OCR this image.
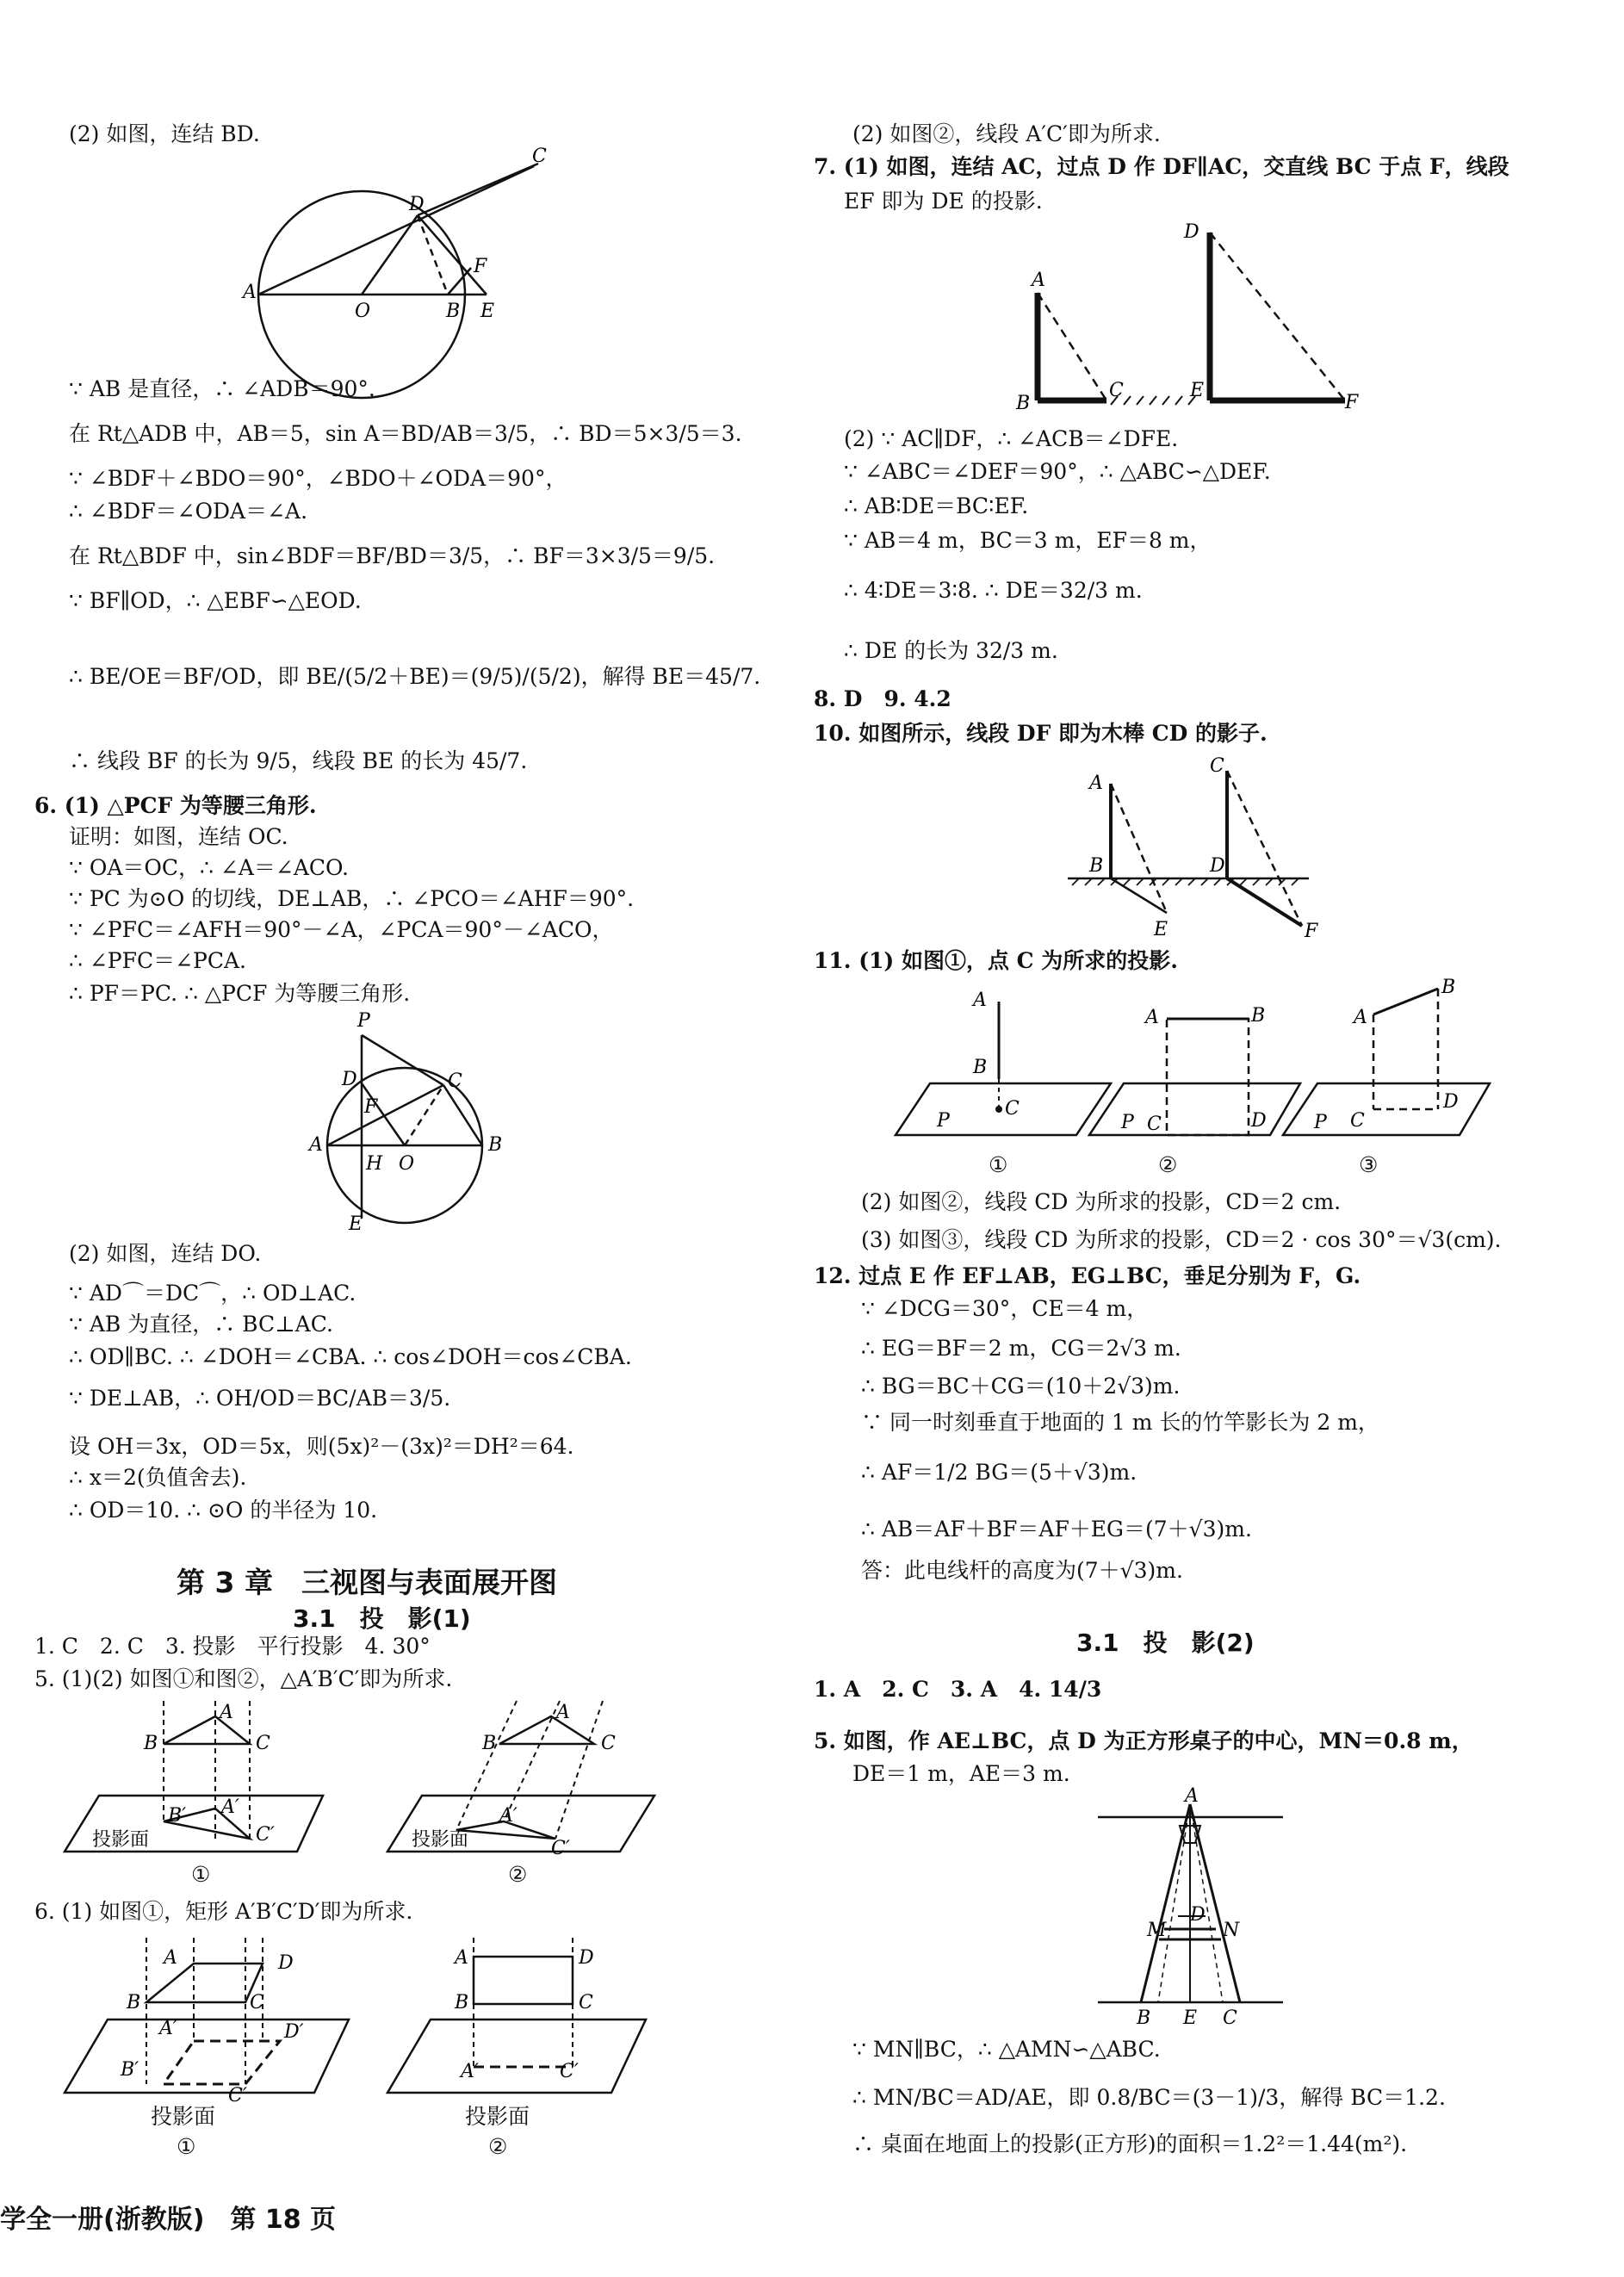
(2) 如图，连结 BD.
A
O	B E
D
F
C
∵ AB 是直径，∴ ∠ADB＝90°.
在 Rt△ADB 中，AB＝5，sin A＝BD/AB＝3/5，∴ BD＝5×3/5＝3.
∵ ∠BDF＋∠BDO＝90°，∠BDO＋∠ODA＝90°，
∴ ∠BDF＝∠ODA＝∠A.
在 Rt△BDF 中，sin∠BDF＝BF/BD＝3/5，∴ BF＝3×3/5＝9/5.
∵ BF∥OD，∴ △EBF∽△EOD.
∴ BE/OE＝BF/OD，即 BE/(5/2＋BE)＝(9/5)/(5/2)，解得 BE＝45/7.
∴ 线段 BF 的长为 9/5，线段 BE 的长为 45/7.
6. (1) △PCF 为等腰三角形.
证明：如图，连结 OC.
∵ OA＝OC，∴ ∠A＝∠ACO.
∵ PC 为⊙O 的切线，DE⊥AB，∴ ∠PCO＝∠AHF＝90°.
∵ ∠PFC＝∠AFH＝90°－∠A，∠PCA＝90°－∠ACO，
∴ ∠PFC＝∠PCA.
∴ PF＝PC. ∴ △PCF 为等腰三角形.
P
D
F
C
A
H O
B
E
(2) 如图，连结 DO.
∵ AD⌒＝DC⌒，∴ OD⊥AC.
∵ AB 为直径，∴ BC⊥AC.
∴ OD∥BC. ∴ ∠DOH＝∠CBA. ∴ cos∠DOH＝cos∠CBA.
∵ DE⊥AB，∴ OH/OD＝BC/AB＝3/5.
设 OH＝3x，OD＝5x，则(5x)²－(3x)²＝DH²＝64.
∴ x＝2(负值舍去).
∴ OD＝10. ∴ ⊙O 的半径为 10.
第 3 章　三视图与表面展开图
3.1　投　影(1)
1. C　2. C　3. 投影　平行投影　4. 30°
5. (1)(2) 如图①和图②，△A′B′C′即为所求.
B
A
C
B′ A′
C′
投影面
①
B
A
C
A′
C′
投影面
②
6. (1) 如图①，矩形 A′B′C′D′即为所求.
A	D
B	C
A′	D′
B′
C′
投影面
①
A	D
B	C
A′	C′
投影面
②
学全一册(浙教版)　第 18 页
(2) 如图②，线段 A′C′即为所求.
7. (1) 如图，连结 AC，过点 D 作 DF∥AC，交直线 BC 于点 F，线段
EF 即为 DE 的投影.
A
B
C
D
E
F
(2) ∵ AC∥DF，∴ ∠ACB＝∠DFE.
∵ ∠ABC＝∠DEF＝90°，∴ △ABC∽△DEF.
∴ AB∶DE＝BC∶EF.
∵ AB＝4 m，BC＝3 m，EF＝8 m，
∴ 4∶DE＝3∶8. ∴ DE＝32/3 m.
∴ DE 的长为 32/3 m.
8. D　9. 4.2
10. 如图所示，线段 DF 即为木棒 CD 的影子.
A
B
C
D
E	F
11. (1) 如图①，点 C 为所求的投影.
A
B
C
P
A	B
P C	D
A
B
P C
D
①	②	③
(2) 如图②，线段 CD 为所求的投影，CD＝2 cm.
(3) 如图③，线段 CD 为所求的投影，CD＝2 · cos 30°＝√3(cm).
12. 过点 E 作 EF⊥AB，EG⊥BC，垂足分别为 F，G.
∵ ∠DCG＝30°，CE＝4 m，
∴ EG＝BF＝2 m，CG＝2√3 m.
∴ BG＝BC＋CG＝(10＋2√3)m.
∵ 同一时刻垂直于地面的 1 m 长的竹竿影长为 2 m，
∴ AF＝1/2 BG＝(5＋√3)m.
∴ AB＝AF＋BF＝AF＋EG＝(7＋√3)m.
答：此电线杆的高度为(7＋√3)m.
3.1　投　影(2)
1. A　2. C　3. A　4. 14/3
5. 如图，作 AE⊥BC，点 D 为正方形桌子的中心，MN＝0.8 m，
DE＝1 m，AE＝3 m.
A
M	N
D
B E C
∵ MN∥BC，∴ △AMN∽△ABC.
∴ MN/BC＝AD/AE，即 0.8/BC＝(3－1)/3，解得 BC＝1.2.
∴ 桌面在地面上的投影(正方形)的面积＝1.2²＝1.44(m²).
